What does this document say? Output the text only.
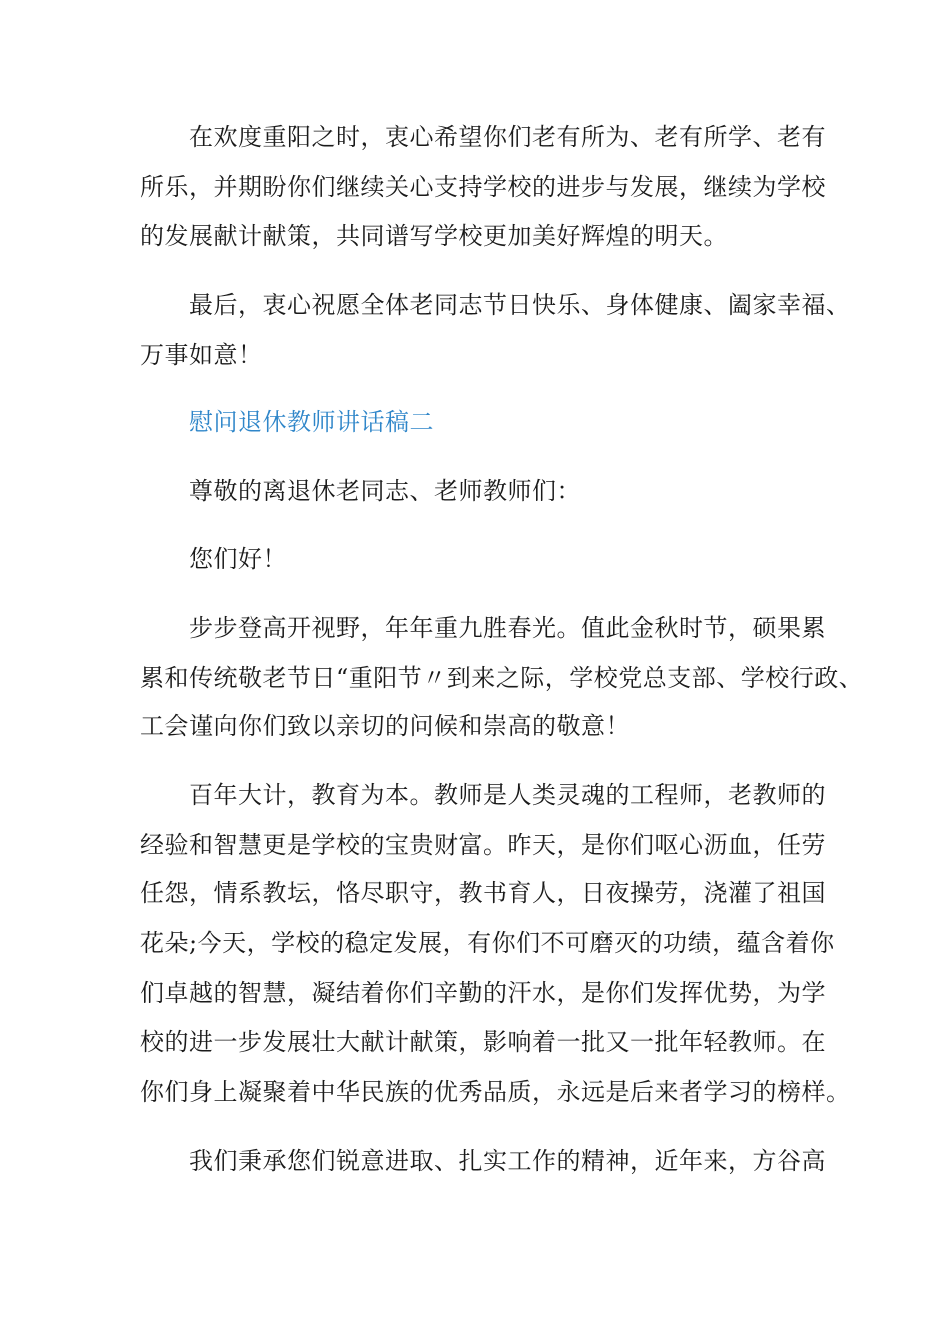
在欢度重阳之时，衷心希望你们老有所为、老有所学、老有
所乐，并期盼你们继续关心支持学校的进步与发展，继续为学校
的发展献计献策，共同谱写学校更加美好辉煌的明天。
最后，衷心祝愿全体老同志节日快乐、身体健康、阖家幸福、
万事如意！
慰问退休教师讲话稿二
尊敬的离退休老同志、老师教师们：
您们好！
步步登高开视野，年年重九胜春光。值此金秋时节，硕果累
累和传统敬老节日“重阳节〃到来之际，学校党总支部、学校行政、
工会谨向你们致以亲切的问候和崇高的敬意！
百年大计，教育为本。教师是人类灵魂的工程师，老教师的
经验和智慧更是学校的宝贵财富。昨天，是你们呕心沥血，任劳
任怨，情系教坛，恪尽职守，教书育人，日夜操劳，浇灌了祖国
花朵;今天，学校的稳定发展，有你们不可磨灭的功绩，蕴含着你
们卓越的智慧，凝结着你们辛勤的汗水，是你们发挥优势，为学
校的进一步发展壮大献计献策，影响着一批又一批年轻教师。在
你们身上凝聚着中华民族的优秀品质，永远是后来者学习的榜样。
我们秉承您们锐意进取、扎实工作的精神，近年来，方谷高
